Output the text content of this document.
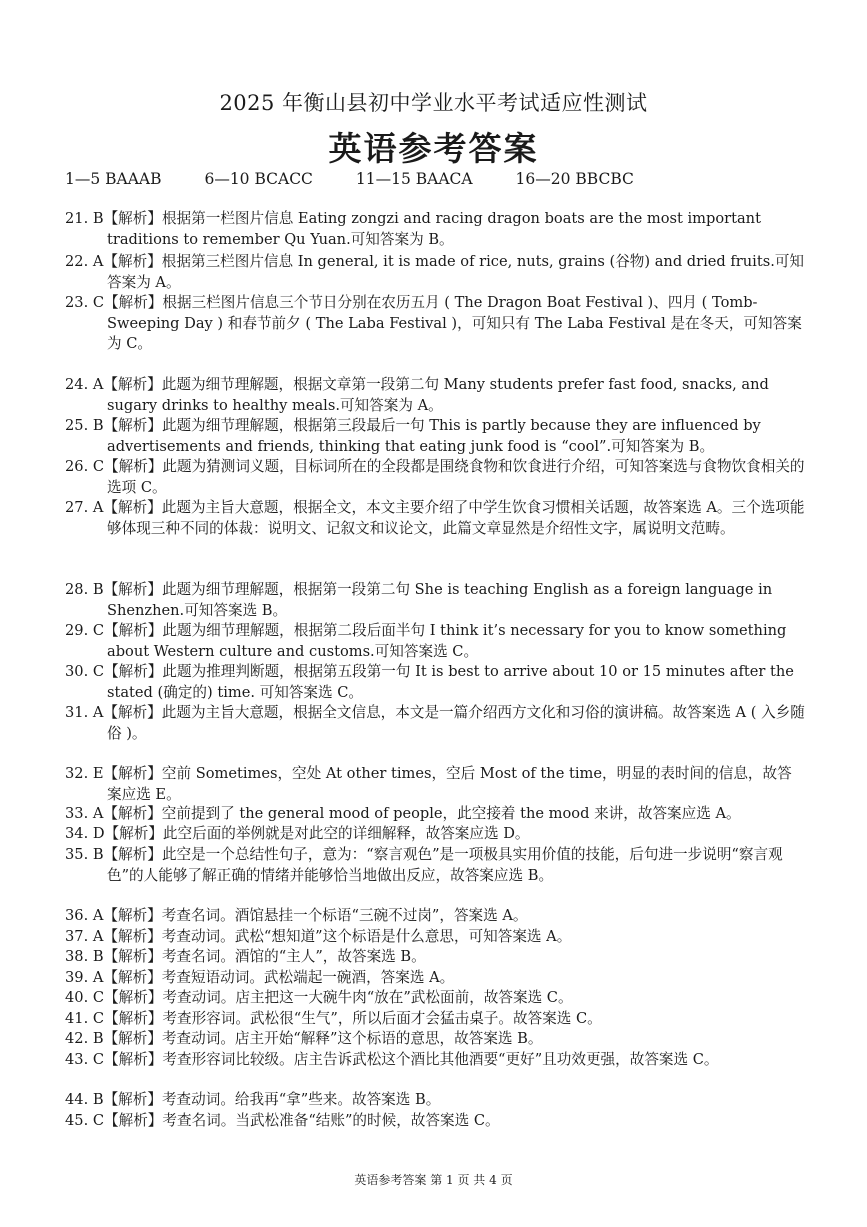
2025 年衡山县初中学业水平考试适应性测试
英语参考答案
1—5 BAAAB	6—10 BCACC	11—15 BAACA	16—20 BBCBC
21. B【解析】根据第一栏图片信息 Eating zongzi and racing dragon boats are the most important traditions to remember Qu Yuan.可知答案为 B。
22. A【解析】根据第三栏图片信息 In general, it is made of rice, nuts, grains (谷物) and dried fruits.可知答案为 A。
23. C【解析】根据三栏图片信息三个节日分别在农历五月 ( The Dragon Boat Festival )、四月 ( Tomb-Sweeping Day ) 和春节前夕 ( The Laba Festival )，可知只有 The Laba Festival 是在冬天，可知答案为 C。
24. A【解析】此题为细节理解题，根据文章第一段第二句 Many students prefer fast food, snacks, and sugary drinks to healthy meals.可知答案为 A。
25. B【解析】此题为细节理解题，根据第三段最后一句 This is partly because they are influenced by advertisements and friends, thinking that eating junk food is “cool”.可知答案为 B。
26. C【解析】此题为猜测词义题，目标词所在的全段都是围绕食物和饮食进行介绍，可知答案选与食物饮食相关的选项 C。
27. A【解析】此题为主旨大意题，根据全文，本文主要介绍了中学生饮食习惯相关话题，故答案选 A。三个选项能够体现三种不同的体裁：说明文、记叙文和议论文，此篇文章显然是介绍性文字，属说明文范畴。
28. B【解析】此题为细节理解题，根据第一段第二句 She is teaching English as a foreign language in Shenzhen.可知答案选 B。
29. C【解析】此题为细节理解题，根据第二段后面半句 I think it’s necessary for you to know something about Western culture and customs.可知答案选 C。
30. C【解析】此题为推理判断题，根据第五段第一句 It is best to arrive about 10 or 15 minutes after the stated (确定的) time. 可知答案选 C。
31. A【解析】此题为主旨大意题，根据全文信息，本文是一篇介绍西方文化和习俗的演讲稿。故答案选 A ( 入乡随俗 )。
32. E【解析】空前 Sometimes，空处 At other times，空后 Most of the time，明显的表时间的信息，故答案应选 E。
33. A【解析】空前提到了 the general mood of people，此空接着 the mood 来讲，故答案应选 A。
34. D【解析】此空后面的举例就是对此空的详细解释，故答案应选 D。
35. B【解析】此空是一个总结性句子，意为：“察言观色”是一项极具实用价值的技能，后句进一步说明“察言观色”的人能够了解正确的情绪并能够恰当地做出反应，故答案应选 B。
36. A【解析】考查名词。酒馆悬挂一个标语“三碗不过岗”，答案选 A。
37. A【解析】考查动词。武松“想知道”这个标语是什么意思，可知答案选 A。
38. B【解析】考查名词。酒馆的“主人”，故答案选 B。
39. A【解析】考查短语动词。武松端起一碗酒，答案选 A。
40. C【解析】考查动词。店主把这一大碗牛肉“放在”武松面前，故答案选 C。
41. C【解析】考查形容词。武松很“生气”，所以后面才会猛击桌子。故答案选 C。
42. B【解析】考查动词。店主开始“解释”这个标语的意思，故答案选 B。
43. C【解析】考查形容词比较级。店主告诉武松这个酒比其他酒要“更好”且功效更强，故答案选 C。
44. B【解析】考查动词。给我再“拿”些来。故答案选 B。
45. C【解析】考查名词。当武松准备“结账”的时候，故答案选 C。
英语参考答案 第 1 页 共 4 页
